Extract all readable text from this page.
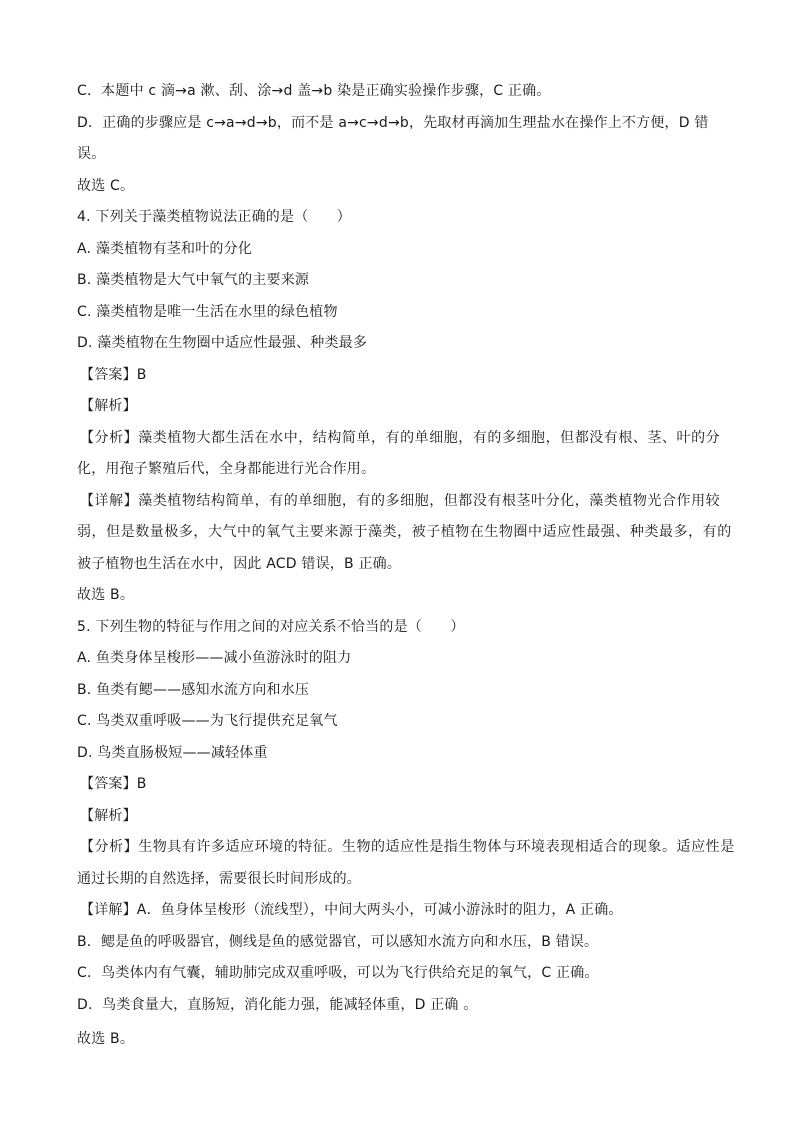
C．本题中 c 滴→a 漱、刮、涂→d 盖→b 染是正确实验操作步骤，C 正确。
D．正确的步骤应是 c→a→d→b，而不是 a→c→d→b，先取材再滴加生理盐水在操作上不方便，D 错
误。
故选 C。
4. 下列关于藻类植物说法正确的是（　　）
A. 藻类植物有茎和叶的分化
B. 藻类植物是大气中氧气的主要来源
C. 藻类植物是唯一生活在水里的绿色植物
D. 藻类植物在生物圈中适应性最强、种类最多
【答案】B
【解析】
【分析】藻类植物大都生活在水中，结构简单，有的单细胞，有的多细胞，但都没有根、茎、叶的分
化，用孢子繁殖后代，全身都能进行光合作用。
【详解】藻类植物结构简单，有的单细胞，有的多细胞，但都没有根茎叶分化，藻类植物光合作用较
弱，但是数量极多，大气中的氧气主要来源于藻类，被子植物在生物圈中适应性最强、种类最多，有的
被子植物也生活在水中，因此 ACD 错误，B 正确。
故选 B。
5. 下列生物的特征与作用之间的对应关系不恰当的是（　　）
A. 鱼类身体呈梭形——减小鱼游泳时的阻力
B. 鱼类有鳃——感知水流方向和水压
C. 鸟类双重呼吸——为飞行提供充足氧气
D. 鸟类直肠极短——减轻体重
【答案】B
【解析】
【分析】生物具有许多适应环境的特征。生物的适应性是指生物体与环境表现相适合的现象。适应性是
通过长期的自然选择，需要很长时间形成的。
【详解】A．鱼身体呈梭形（流线型），中间大两头小，可减小游泳时的阻力，A 正确。
B．鳃是鱼的呼吸器官，侧线是鱼的感觉器官，可以感知水流方向和水压，B 错误。
C．鸟类体内有气囊，辅助肺完成双重呼吸，可以为飞行供给充足的氧气，C 正确。
D．鸟类食量大，直肠短，消化能力强，能减轻体重，D 正确 。
故选 B。
